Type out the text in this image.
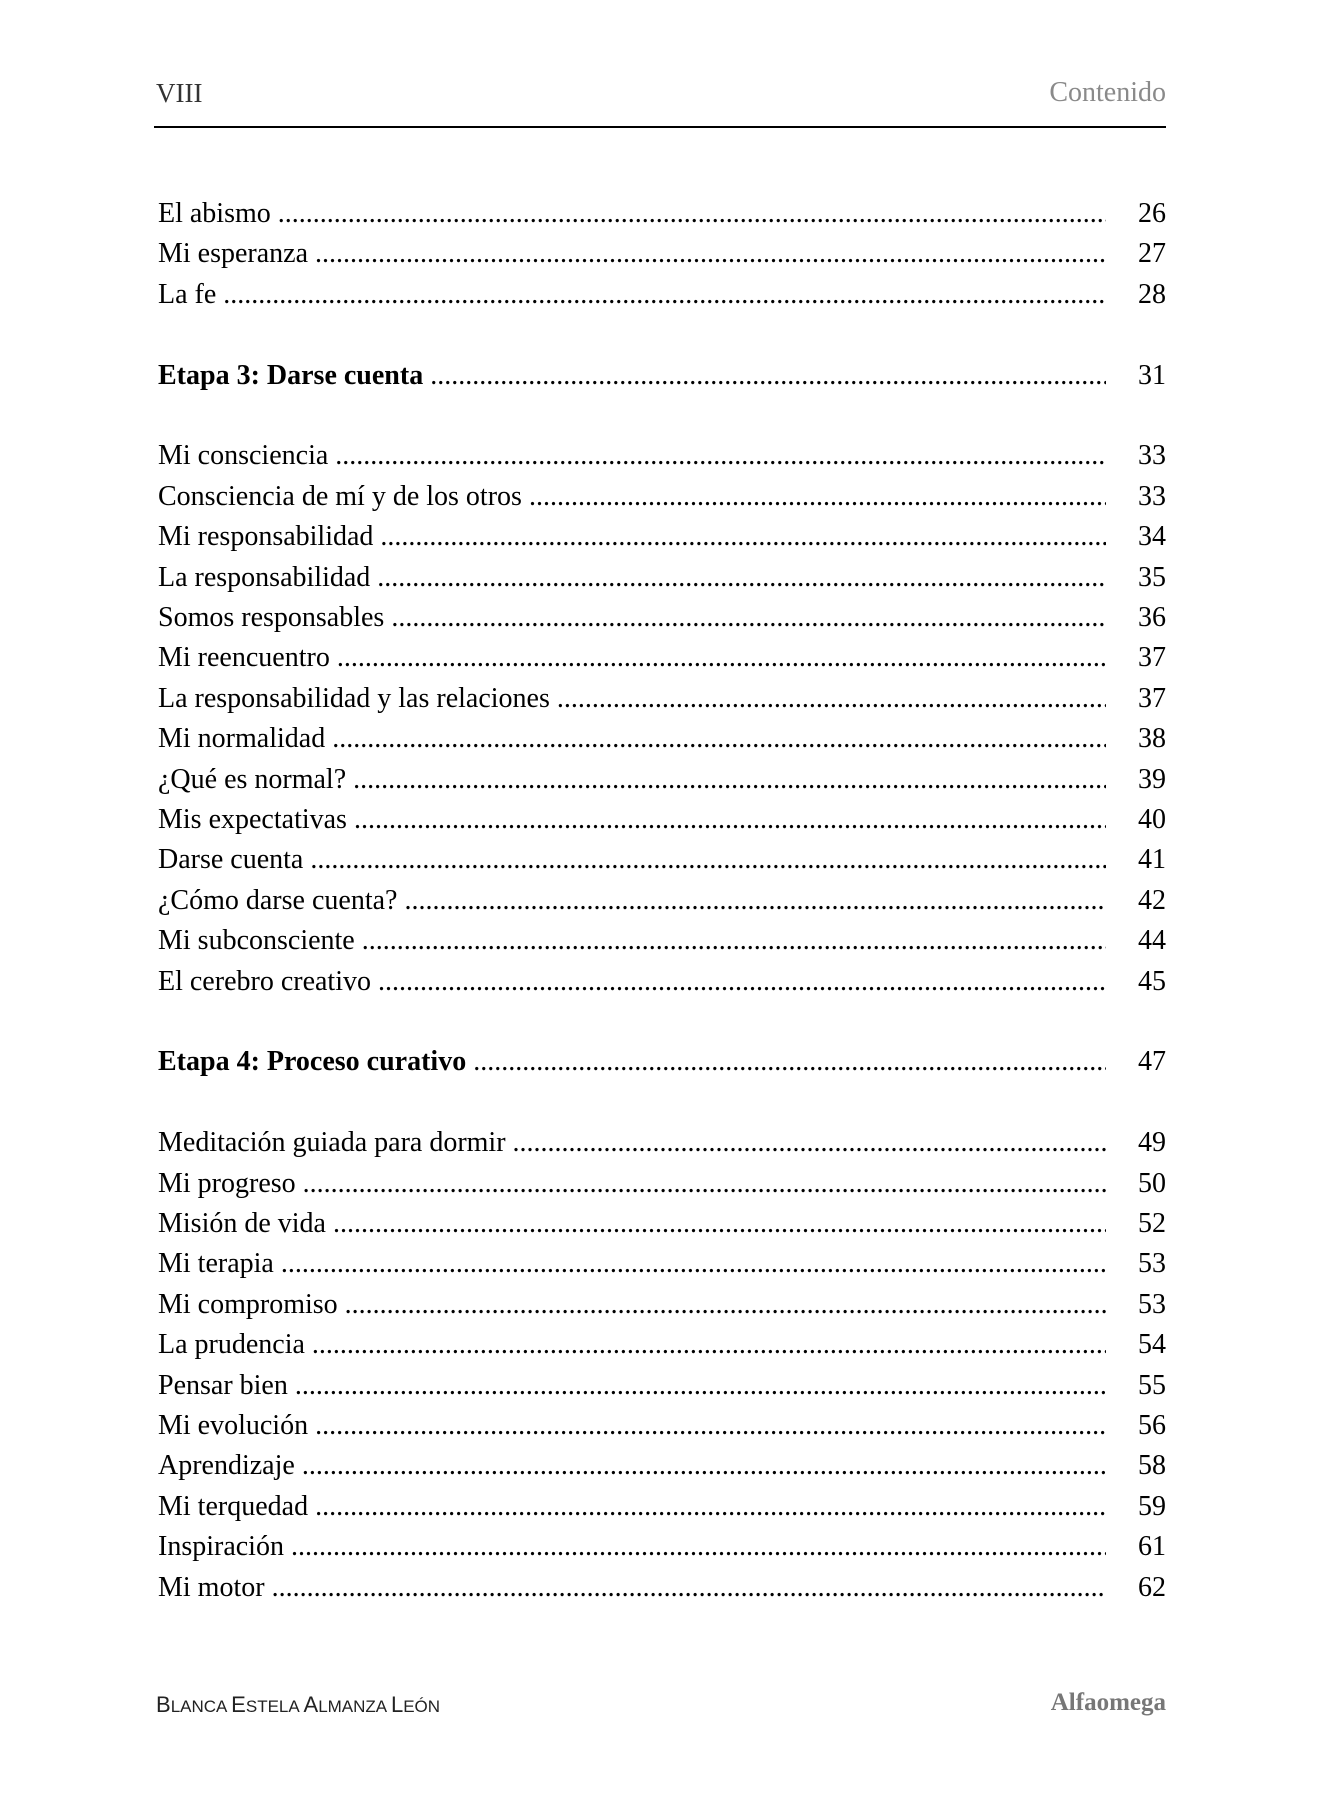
VIII	Contenido
El abismo .....	26
Mi esperanza .....	27
La fe .....	28
Etapa 3: Darse cuenta .....	31
Mi consciencia .....	33
Consciencia de mí y de los otros .....	33
Mi responsabilidad .....	34
La responsabilidad .....	35
Somos responsables .....	36
Mi reencuentro .....	37
La responsabilidad y las relaciones .....	37
Mi normalidad .....	38
¿Qué es normal? .....	39
Mis expectativas .....	40
Darse cuenta .....	41
¿Cómo darse cuenta? .....	42
Mi subconsciente .....	44
El cerebro creativo .....	45
Etapa 4: Proceso curativo .....	47
Meditación guiada para dormir .....	49
Mi progreso .....	50
Misión de vida .....	52
Mi terapia .....	53
Mi compromiso .....	53
La prudencia .....	54
Pensar bien .....	55
Mi evolución .....	56
Aprendizaje .....	58
Mi terquedad .....	59
Inspiración .....	61
Mi motor .....	62
BLANCA ESTELA ALMANZA LEÓN	Alfaomega
